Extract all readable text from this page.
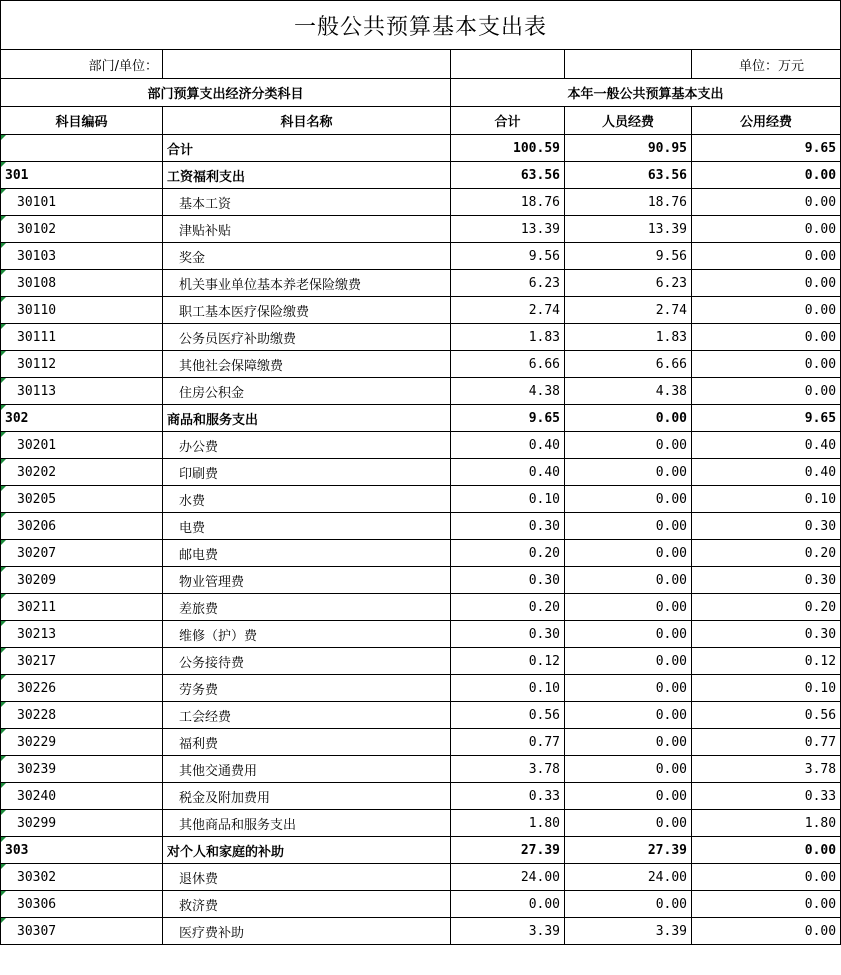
一般公共预算基本支出表				
部门/单位：				单位：万元
部门预算支出经济分类科目		本年一般公共预算基本支出		
科目编码	科目名称	合计	人员经费	公用经费
	合计	100.59	90.95	9.65
301	工资福利支出	63.56	63.56	0.00
30101	基本工资	18.76	18.76	0.00
30102	津贴补贴	13.39	13.39	0.00
30103	奖金	9.56	9.56	0.00
30108	机关事业单位基本养老保险缴费	6.23	6.23	0.00
30110	职工基本医疗保险缴费	2.74	2.74	0.00
30111	公务员医疗补助缴费	1.83	1.83	0.00
30112	其他社会保障缴费	6.66	6.66	0.00
30113	住房公积金	4.38	4.38	0.00
302	商品和服务支出	9.65	0.00	9.65
30201	办公费	0.40	0.00	0.40
30202	印刷费	0.40	0.00	0.40
30205	水费	0.10	0.00	0.10
30206	电费	0.30	0.00	0.30
30207	邮电费	0.20	0.00	0.20
30209	物业管理费	0.30	0.00	0.30
30211	差旅费	0.20	0.00	0.20
30213	维修（护）费	0.30	0.00	0.30
30217	公务接待费	0.12	0.00	0.12
30226	劳务费	0.10	0.00	0.10
30228	工会经费	0.56	0.00	0.56
30229	福利费	0.77	0.00	0.77
30239	其他交通费用	3.78	0.00	3.78
30240	税金及附加费用	0.33	0.00	0.33
30299	其他商品和服务支出	1.80	0.00	1.80
303	对个人和家庭的补助	27.39	27.39	0.00
30302	退休费	24.00	24.00	0.00
30306	救济费	0.00	0.00	0.00
30307	医疗费补助	3.39	3.39	0.00
